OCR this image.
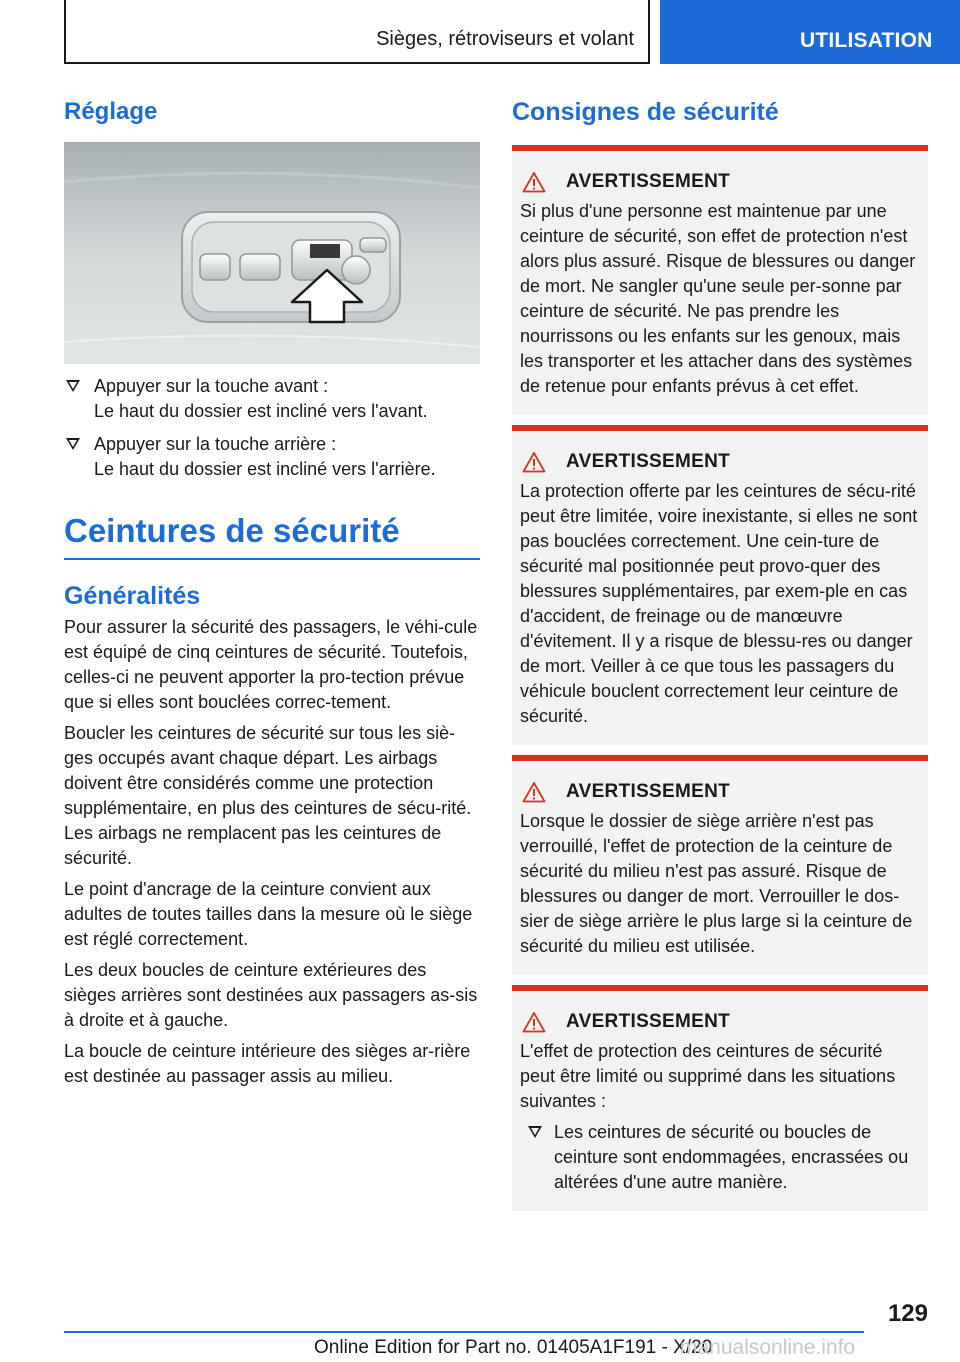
Sièges, rétroviseurs et volant	UTILISATION
Réglage
Appuyer sur la touche avant :
Le haut du dossier est incliné vers l'avant.
Appuyer sur la touche arrière :
Le haut du dossier est incliné vers l'arrière.
Ceintures de sécurité
Généralités

Pour assurer la sécurité des passagers, le véhi‐cule est équipé de cinq ceintures de sécurité. Toutefois, celles-ci ne peuvent apporter la pro‐tection prévue que si elles sont bouclées correc‐tement.

Boucler les ceintures de sécurité sur tous les siè‐ges occupés avant chaque départ. Les airbags doivent être considérés comme une protection supplémentaire, en plus des ceintures de sécu‐rité. Les airbags ne remplacent pas les ceintures de sécurité.

Le point d'ancrage de la ceinture convient aux adultes de toutes tailles dans la mesure où le siège est réglé correctement.

Les deux boucles de ceinture extérieures des sièges arrières sont destinées aux passagers as‐sis à droite et à gauche.

La boucle de ceinture intérieure des sièges ar‐rière est destinée au passager assis au milieu.

Consignes de sécurité
AVERTISSEMENT

Si plus d'une personne est maintenue par une ceinture de sécurité, son effet de protection n'est alors plus assuré. Risque de blessures ou danger de mort. Ne sangler qu'une seule per‐sonne par ceinture de sécurité. Ne pas prendre les nourrissons ou les enfants sur les genoux, mais les transporter et les attacher dans des systèmes de retenue pour enfants prévus à cet effet.

AVERTISSEMENT

La protection offerte par les ceintures de sécu‐rité peut être limitée, voire inexistante, si elles ne sont pas bouclées correctement. Une cein‐ture de sécurité mal positionnée peut provo‐quer des blessures supplémentaires, par exem‐ple en cas d'accident, de freinage ou de manœuvre d'évitement. Il y a risque de blessu‐res ou danger de mort. Veiller à ce que tous les passagers du véhicule bouclent correctement leur ceinture de sécurité.

AVERTISSEMENT

Lorsque le dossier de siège arrière n'est pas verrouillé, l'effet de protection de la ceinture de sécurité du milieu n'est pas assuré. Risque de blessures ou danger de mort. Verrouiller le dos‐sier de siège arrière le plus large si la ceinture de sécurité du milieu est utilisée.

AVERTISSEMENT

L'effet de protection des ceintures de sécurité peut être limité ou supprimé dans les situations suivantes :

Les ceintures de sécurité ou boucles de ceinture sont endommagées, encrassées ou altérées d'une autre manière.
129
Online Edition for Part no. 01405A1F191 - X/20
manualsonline.info
